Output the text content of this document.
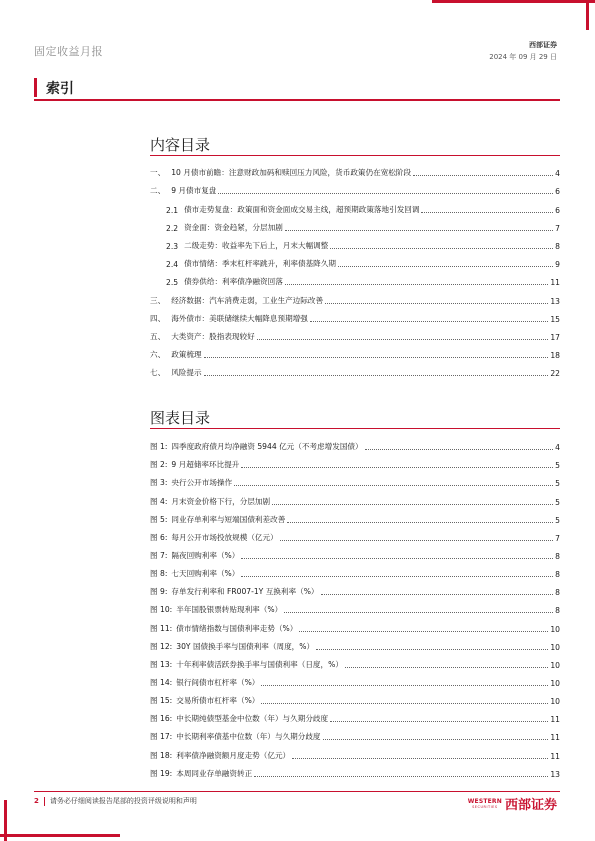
固定收益月报	西部证券
2024 年 09 月 29 日
索引
内容目录
一、 10 月债市前瞻：注意财政加码和赎回压力风险，货币政策仍在宽松阶段	4
二、 9 月债市复盘	6
2.1 债市走势复盘：政策面和资金面成交易主线，超预期政策落地引发回调	6
2.2 资金面：资金趋紧，分层加剧	7
2.3 二级走势：收益率先下后上，月末大幅调整	8
2.4 债市情绪：季末杠杆率跳升，利率债基降久期	9
2.5 债券供给：利率债净融资回落	11
三、 经济数据：汽车消费走弱，工业生产边际改善	13
四、 海外债市：美联储继续大幅降息预期增强	15
五、 大类资产：股指表现较好	17
六、 政策梳理	18
七、 风险提示	22
图表目录
图 1: 四季度政府债月均净融资 5944 亿元（不考虑增发国债）	4
图 2: 9 月超储率环比提升	5
图 3: 央行公开市场操作	5
图 4: 月末资金价格下行，分层加剧	5
图 5: 同业存单利率与短端国债利差改善	5
图 6: 每月公开市场投放规模（亿元）	7
图 7: 隔夜回购利率（%）	8
图 8: 七天回购利率（%）	8
图 9: 存单发行利率和 FR007-1Y 互换利率（%）	8
图 10: 半年国股银票转贴现利率（%）	8
图 11: 债市情绪指数与国债利率走势（%）	10
图 12: 30Y 国债换手率与国债利率（周度，%）	10
图 13: 十年利率债活跃券换手率与国债利率（日度，%）	10
图 14: 银行间债市杠杆率（%）	10
图 15: 交易所债市杠杆率（%）	10
图 16: 中长期纯债型基金中位数（年）与久期分歧度	11
图 17: 中长期利率债基中位数（年）与久期分歧度	11
图 18: 利率债净融资额月度走势（亿元）	11
图 19: 本周同业存单融资转正	13
2 请务必仔细阅读报告尾部的投资评级说明和声明	WESTERN
SECURITIES 西部证券
